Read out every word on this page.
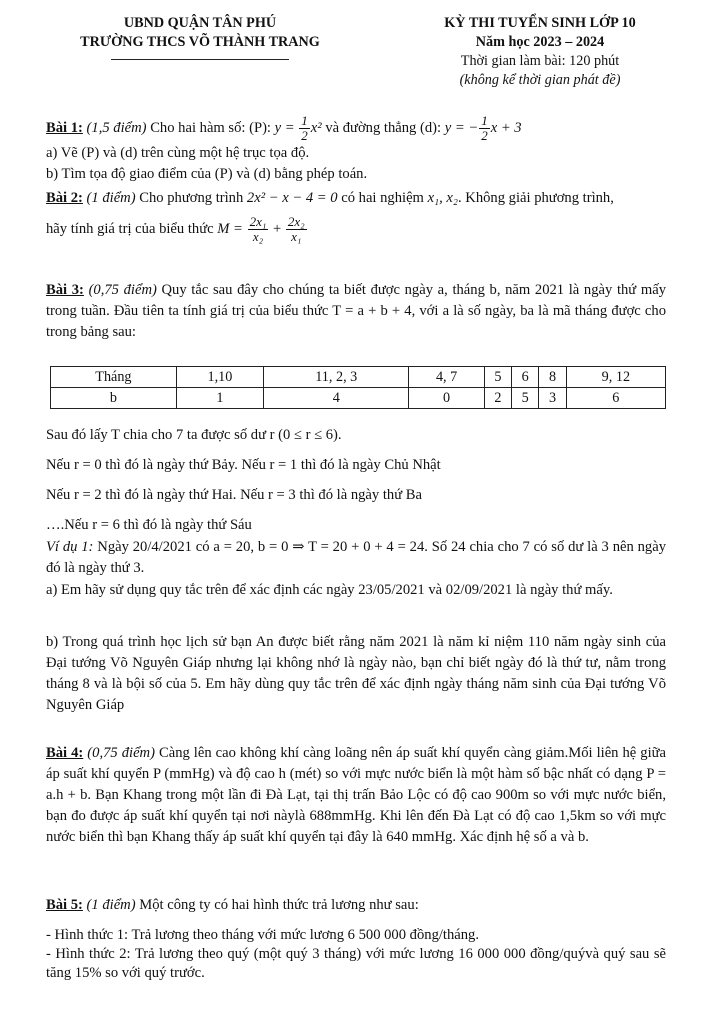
UBND QUẬN TÂN PHÚ
TRƯỜNG THCS VÕ THÀNH TRANG
KỲ THI TUYỂN SINH LỚP 10
Năm học 2023 – 2024
Thời gian làm bài: 120 phút
(không kể thời gian phát đề)
Bài 1: (1,5 điểm) Cho hai hàm số: (P): $y = \frac{1}{2} x^2$ và đường thẳng (d): y = − $\frac{1}{2}$ x + 3
a) Vẽ (P) và (d) trên cùng một hệ trục tọa độ.
b) Tìm tọa độ giao điểm của (P) và (d) bằng phép toán.
Bài 2: (1 điểm) Cho phương trình 2x² − x − 4 = 0 có hai nghiệm x₁, x₂. Không giải phương trình,
hãy tính giá trị của biểu thức $M = \frac{\text{2x₁}}{\text{x₂}} + \frac{\text{2x₂}}{\text{x₁}}$
Bài 3: (0,75 điểm) Quy tắc sau đây cho chúng ta biết được ngày a, tháng b, năm 2021 là ngày thứ mấy trong tuần. Đầu tiên ta tính giá trị của biểu thức T = a + b + 4, với a là số ngày, ba là mã tháng được cho trong bảng sau:
Tháng	1,10	11, 2, 3	4, 7	5	6	8	9, 12
b	1	4	0	2	5	3	6
Sau đó lấy T chia cho 7 ta được số dư r (0 ≤ r ≤ 6).
Nếu r = 0 thì đó là ngày thứ Bảy. Nếu r = 1 thì đó là ngày Chủ Nhật
Nếu r = 2 thì đó là ngày thứ Hai. Nếu r = 3 thì đó là ngày thứ Ba
….Nếu r = 6 thì đó là ngày thứ Sáu
Ví dụ 1: Ngày 20/4/2021 có a = 20, b = 0 ⇒ T = 20 + 0 + 4 = 24. Số 24 chia cho 7 có số dư là 3 nên ngày đó là ngày thứ 3.
a) Em hãy sử dụng quy tắc trên để xác định các ngày 23/05/2021 và 02/09/2021 là ngày thứ mấy.
b) Trong quá trình học lịch sử bạn An được biết rằng năm 2021 là năm kỉ niệm 110 năm ngày sinh của Đại tướng Võ Nguyên Giáp nhưng lại không nhớ là ngày nào, bạn chỉ biết ngày đó là thứ tư, nằm trong tháng 8 và là bội số của 5. Em hãy dùng quy tắc trên để xác định ngày tháng năm sinh của Đại tướng Võ Nguyên Giáp
Bài 4: (0,75 điểm) Càng lên cao không khí càng loãng nên áp suất khí quyển càng giảm.Mối liên hệ giữa áp suất khí quyển P (mmHg) và độ cao h (mét) so với mực nước biển là một hàm số bậc nhất có dạng P = a.h + b. Bạn Khang trong một lần đi Đà Lạt, tại thị trấn Bảo Lộc có độ cao 900m so với mực nước biển, bạn đo được áp suất khí quyển tại nơi nàylà 688mmHg. Khi lên đến Đà Lạt có độ cao 1,5km so với mực nước biển thì bạn Khang thấy áp suất khí quyển tại đây là 640 mmHg. Xác định hệ số a và b.
Bài 5: (1 điểm) Một công ty có hai hình thức trả lương như sau:
- Hình thức 1: Trả lương theo tháng với mức lương 6 500 000 đồng/tháng.
- Hình thức 2: Trả lương theo quý (một quý 3 tháng) với mức lương 16 000 000 đồng/quývà quý sau sẽ tăng 15% so với quý trước.
